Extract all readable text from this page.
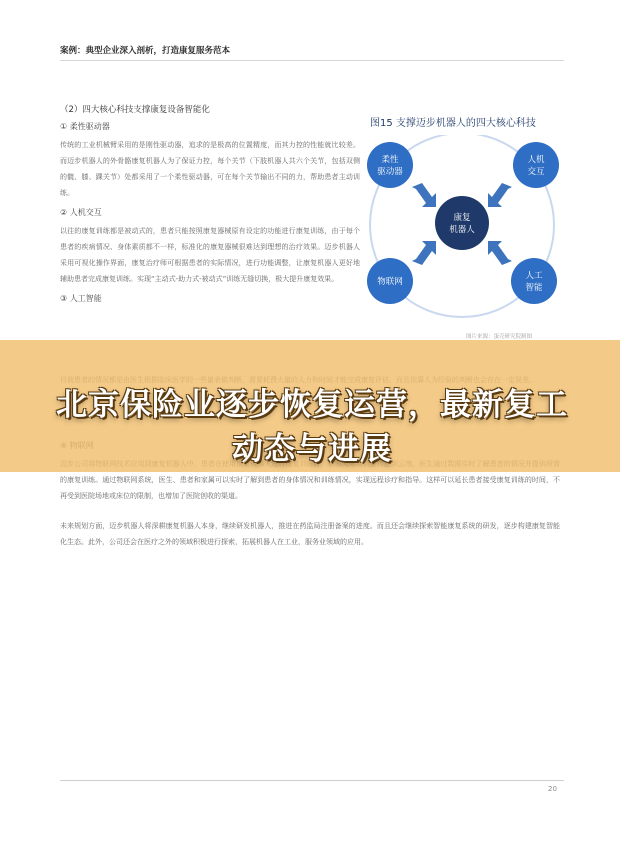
案例：典型企业深入剖析，打造康复服务范本
（2）四大核心科技支撑康复设备智能化
① 柔性驱动器

传统的工业机械臂采用的是刚性驱动器，追求的是极高的位置精度，而其力控的性能就比较差。而迈步机器人的外骨骼康复机器人为了保证力控，每个关节（下肢机器人共六个关节，包括双侧的髋、膝、踝关节）处都采用了一个柔性驱动器，可在每个关节输出不同的力，帮助患者主动训练。

② 人机交互

以往的康复训练都是被动式的，患者只能按照康复器械原有设定的功能进行康复训练，由于每个患者的疾病情况、身体素质都不一样，标准化的康复器械很难达到理想的治疗效果。迈步机器人采用可视化操作界面，康复治疗师可根据患者的实际情况，进行功能调整，让康复机器人更好地辅助患者完成康复训练。实现“主动式-助力式-被动式”训练无缝切换，极大提升康复效果。

③ 人工智能
图15 支撑迈步机器人的四大核心科技
柔性
驱动器
人机
交互
物联网
人工
智能
康复
机器人
图片来源：蛋壳研究院制图

的康复训练。通过物联网系统，医生、患者和家属可以实时了解到患者的身体情况和训练情况，实现远程诊疗和指导。这样可以延长患者接受康复训练的时间，不再受到医院场地或床位的限制，也增加了医院创收的渠道。

未来规划方面，迈步机器人将深耕康复机器人本身，继续研发机器人，推进在药监局注册备案的进度。而且还会继续探索智能康复系统的研发，逐步构建康复智能化生态。此外，公司还会在医疗之外的领域积极进行探索，拓展机器人在工业，服务业领域的应用。

北京保险业逐步恢复运营，最新复工动态与进展
20
